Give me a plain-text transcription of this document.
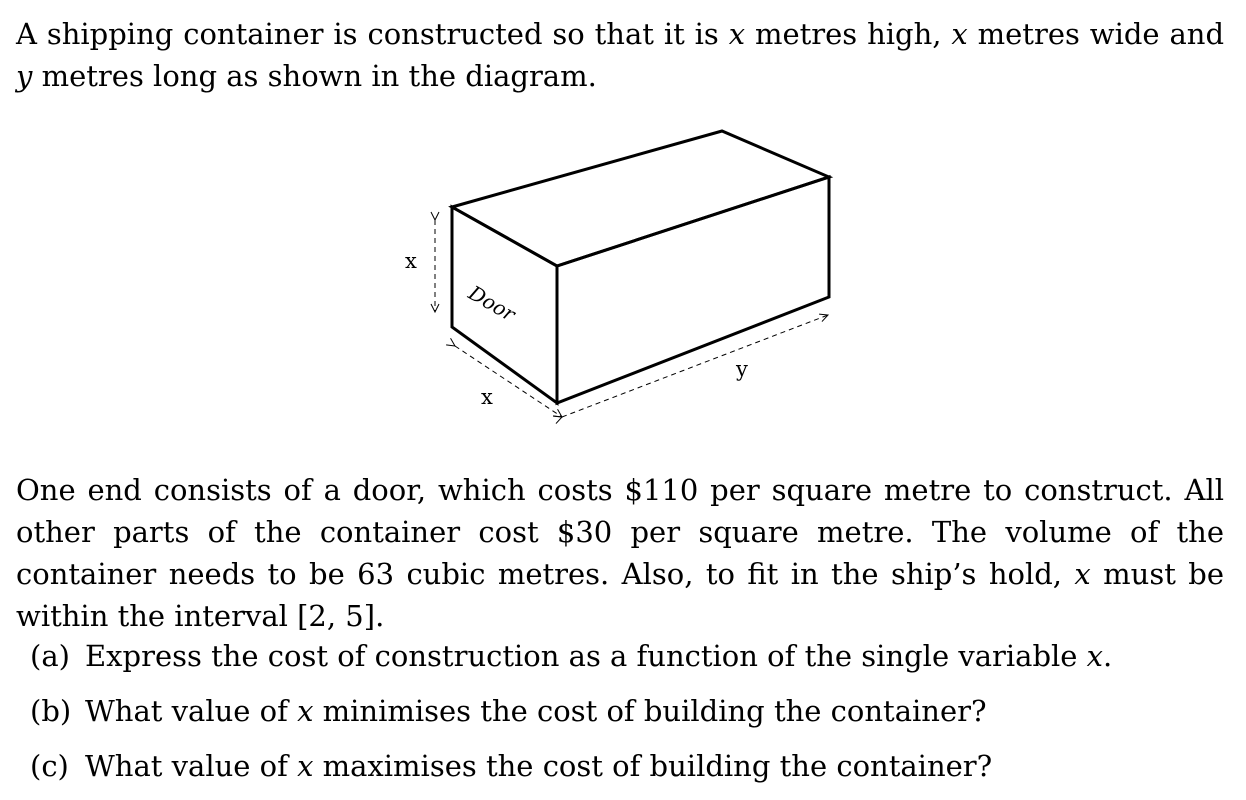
A shipping container is constructed so that it is x metres high, x metres wide and y metres long as shown in the diagram.

x
x
y
Door

One end consists of a door, which costs $110 per square metre to construct. All other parts of the container cost $30 per square metre. The volume of the container needs to be 63 cubic metres. Also, to fit in the ship’s hold, x must be within the interval [2, 5].

(a) Express the cost of construction as a function of the single variable x.
(b) What value of x minimises the cost of building the container?
(c) What value of x maximises the cost of building the container?
